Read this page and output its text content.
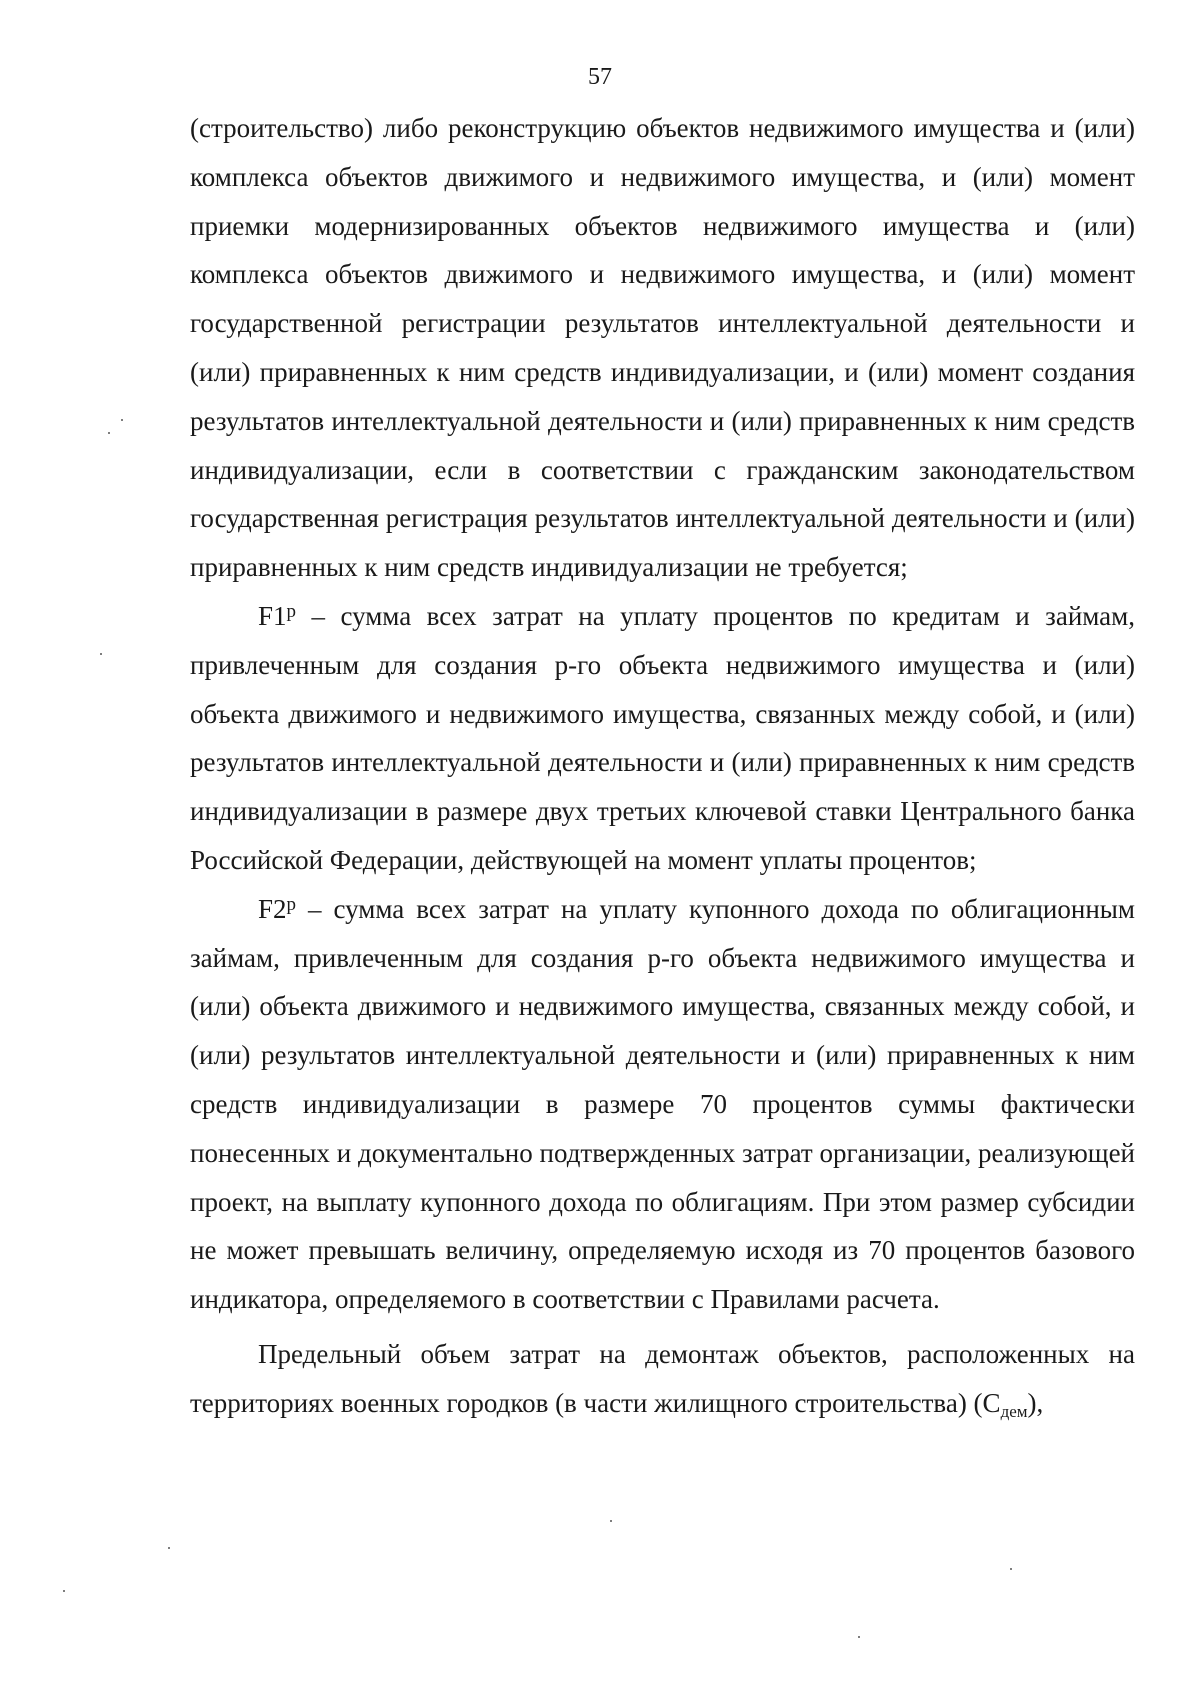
57

(строительство) либо реконструкцию объектов недвижимого имущества и (или) комплекса объектов движимого и недвижимого имущества, и (или) момент приемки модернизированных объектов недвижимого имущества и (или) комплекса объектов движимого и недвижимого имущества, и (или) момент государственной регистрации результатов интеллектуальной деятельности и (или) приравненных к ним средств индивидуализации, и (или) момент создания результатов интеллектуальной деятельности и (или) приравненных к ним средств индивидуализации, если в соответствии с гражданским законодательством государственная регистрация результатов интеллектуальной деятельности и (или) приравненных к ним средств индивидуализации не требуется;

F1$^p$ – сумма всех затрат на уплату процентов по кредитам и займам, привлеченным для создания р-го объекта недвижимого имущества и (или) объекта движимого и недвижимого имущества, связанных между собой, и (или) результатов интеллектуальной деятельности и (или) приравненных к ним средств индивидуализации в размере двух третьих ключевой ставки Центрального банка Российской Федерации, действующей на момент уплаты процентов;

F2$^p$ – сумма всех затрат на уплату купонного дохода по облигационным займам, привлеченным для создания р-го объекта недвижимого имущества и (или) объекта движимого и недвижимого имущества, связанных между собой, и (или) результатов интеллектуальной деятельности и (или) приравненных к ним средств индивидуализации в размере 70 процентов суммы фактически понесенных и документально подтвержденных затрат организации, реализующей проект, на выплату купонного дохода по облигациям. При этом размер субсидии не может превышать величину, определяемую исходя из 70 процентов базового индикатора, определяемого в соответствии с Правилами расчета.

Предельный объем затрат на демонтаж объектов, расположенных на территориях военных городков (в части жилищного строительства) $(С_{дем})$,
